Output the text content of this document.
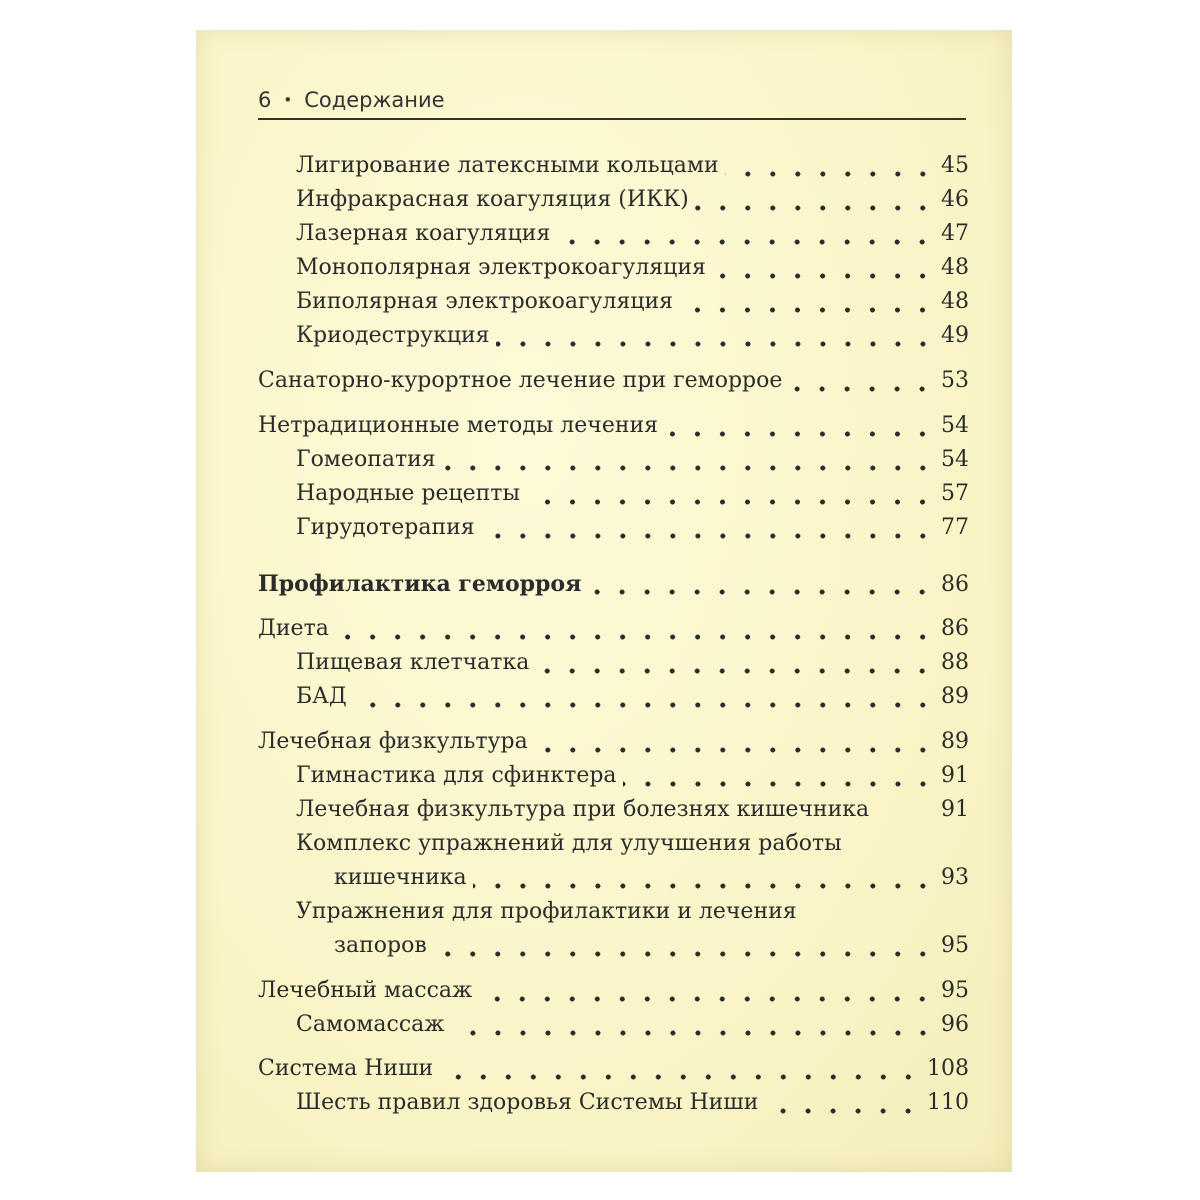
6 • Содержание
Лигирование латексными кольцами	45
Инфракрасная коагуляция (ИКК)	46
Лазерная коагуляция	47
Монополярная электрокоагуляция	48
Биполярная электрокоагуляция	48
Криодеструкция	49
Санаторно-курортное лечение при геморрое	53
Нетрадиционные методы лечения	54
Гомеопатия	54
Народные рецепты	57
Гирудотерапия	77
Профилактика геморроя	86
Диета	86
Пищевая клетчатка	88
БАД	89
Лечебная физкультура	89
Гимнастика для сфинктера	91
Лечебная физкультура при болезнях кишечника	91
Комплекс упражнений для улучшения работы
кишечника	93
Упражнения для профилактики и лечения
запоров	95
Лечебный массаж	95
Самомассаж	96
Система Ниши	108
Шесть правил здоровья Системы Ниши	110
